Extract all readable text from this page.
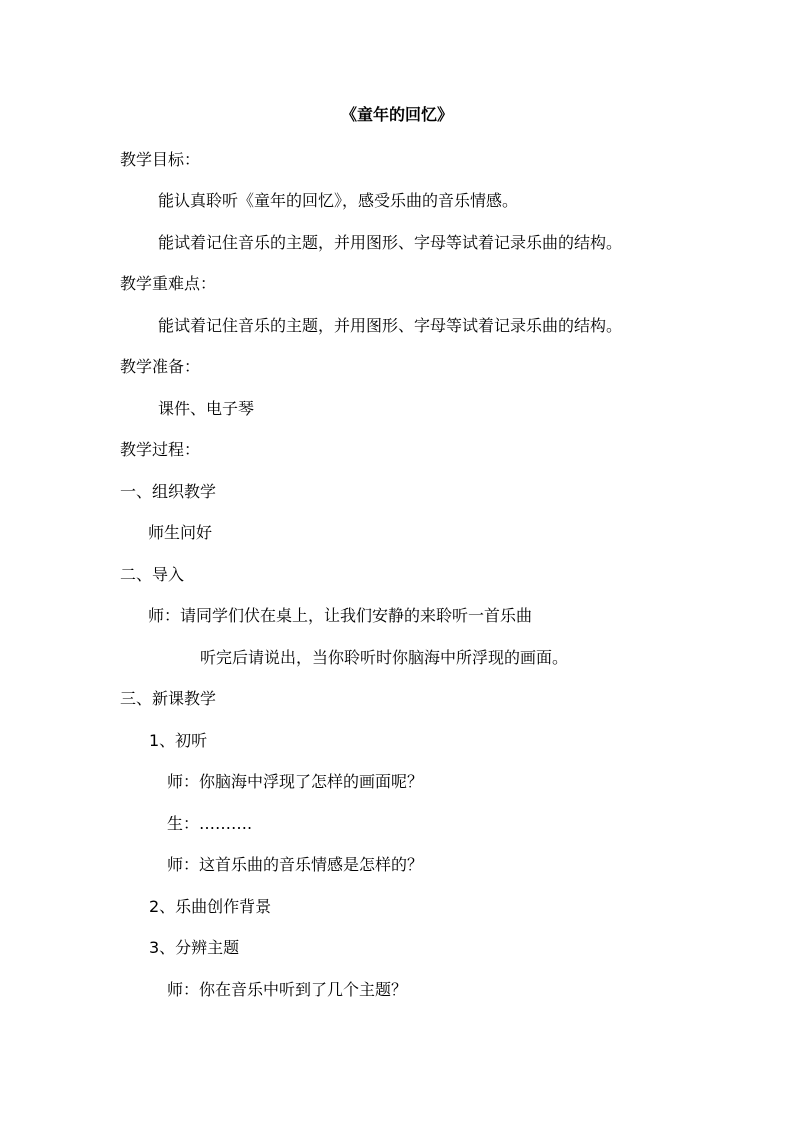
《童年的回忆》
教学目标：
能认真聆听《童年的回忆》，感受乐曲的音乐情感。
能试着记住音乐的主题，并用图形、字母等试着记录乐曲的结构。
教学重难点：
能试着记住音乐的主题，并用图形、字母等试着记录乐曲的结构。
教学准备：
课件、电子琴
教学过程：
一、组织教学
师生问好
二、导入
师：请同学们伏在桌上，让我们安静的来聆听一首乐曲
听完后请说出，当你聆听时你脑海中所浮现的画面。
三、新课教学
1、初听
师：你脑海中浮现了怎样的画面呢？
生：……….
师：这首乐曲的音乐情感是怎样的？
2、乐曲创作背景
3、分辨主题
师：你在音乐中听到了几个主题？
